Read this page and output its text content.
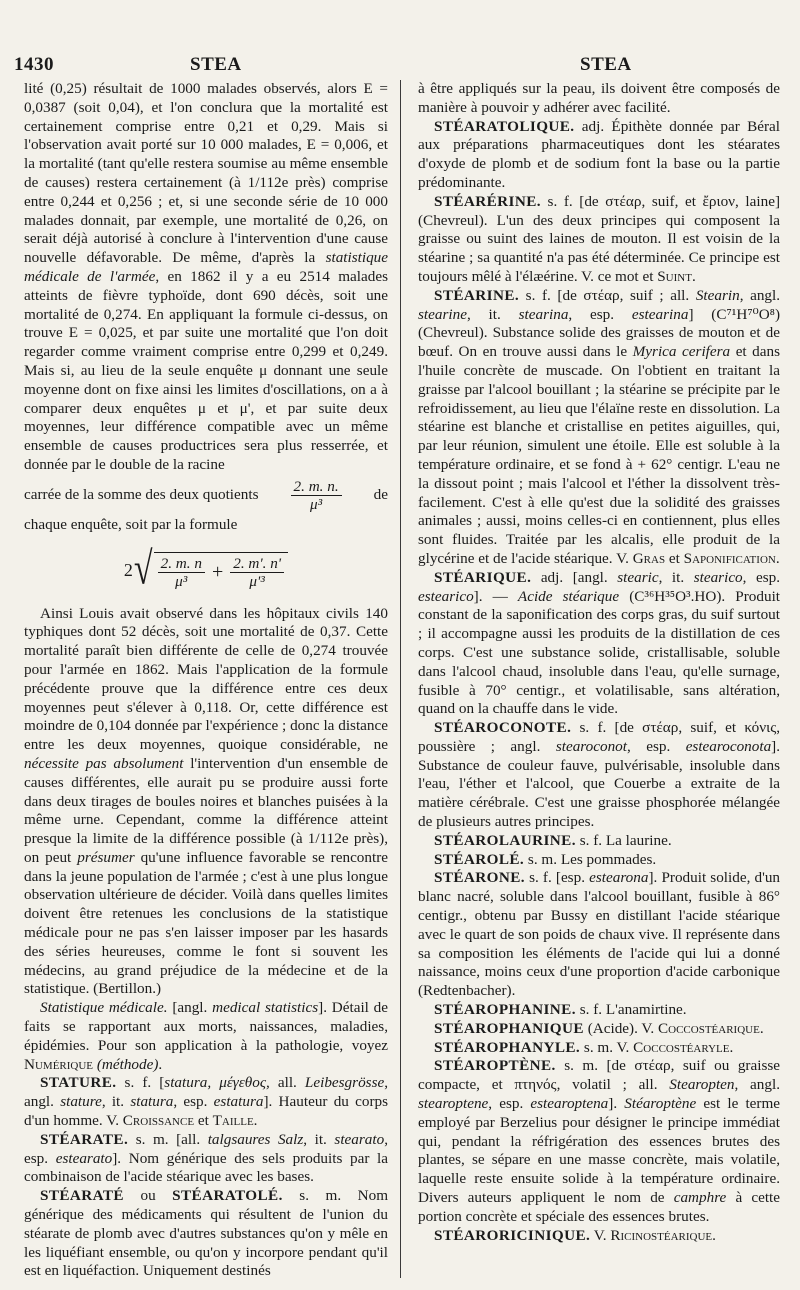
1430	STEA	STEA

lité (0,25) résultait de 1000 malades observés, alors E = 0,0387 (soit 0,04), et l'on conclura que la mortalité est certainement comprise entre 0,21 et 0,29. Mais si l'observation avait porté sur 10 000 malades, E = 0,006, et la mortalité (tant qu'elle restera soumise au même ensemble de causes) restera certainement (à 1/112e près) comprise entre 0,244 et 0,256 ; et, si une seconde série de 10 000 malades donnait, par exemple, une mortalité de 0,26, on serait déjà autorisé à conclure à l'intervention d'une cause nouvelle défavorable. De même, d'après la statistique médicale de l'armée, en 1862 il y a eu 2514 malades atteints de fièvre typhoïde, dont 690 décès, soit une mortalité de 0,274. En appliquant la formule ci-dessus, on trouve E = 0,025, et par suite une mortalité que l'on doit regarder comme vraiment comprise entre 0,299 et 0,249. Mais si, au lieu de la seule enquête μ donnant une seule moyenne dont on fixe ainsi les limites d'oscillations, on a à comparer deux enquêtes μ et μ', et par suite deux moyennes, leur différence compatible avec un même ensemble de causes productrices sera plus resserrée, et donnée par le double de la racine

carrée de la somme des deux quotients $\frac{2. m. n.}{\text{μ³}}$ de

chaque enquête, soit par la formule

2 √ $\frac{2. m. n}{\text{μ³}} + \frac{2. m'. n'}{\text{μ'³}}$

Ainsi Louis avait observé dans les hôpitaux civils 140 typhiques dont 52 décès, soit une mortalité de 0,37. Cette mortalité paraît bien différente de celle de 0,274 trouvée pour l'armée en 1862. Mais l'application de la formule précédente prouve que la différence entre ces deux moyennes peut s'élever à 0,118. Or, cette différence est moindre de 0,104 donnée par l'expérience ; donc la distance entre les deux moyennes, quoique considérable, ne nécessite pas absolument l'intervention d'un ensemble de causes différentes, elle aurait pu se produire aussi forte dans deux tirages de boules noires et blanches puisées à la même urne. Cependant, comme la différence atteint presque la limite de la différence possible (à 1/112e près), on peut présumer qu'une influence favorable se rencontre dans la jeune population de l'armée ; c'est à une plus longue observation ultérieure de décider. Voilà dans quelles limites doivent être retenues les conclusions de la statistique médicale pour ne pas s'en laisser imposer par les hasards des séries heureuses, comme le font si souvent les médecins, au grand préjudice de la médecine et de la statistique. (Bertillon.)

Statistique médicale. [angl. medical statistics]. Détail de faits se rapportant aux morts, naissances, maladies, épidémies. Pour son application à la pathologie, voyez Numérique (méthode).

STATURE. s. f. [statura, μέγεθος, all. Leibesgrösse, angl. stature, it. statura, esp. estatura]. Hauteur du corps d'un homme. V. Croissance et Taille.

STÉARATE. s. m. [all. talgsaures Salz, it. stearato, esp. estearato]. Nom générique des sels produits par la combinaison de l'acide stéarique avec les bases.

STÉARATÉ ou STÉARATOLÉ. s. m. Nom générique des médicaments qui résultent de l'union du stéarate de plomb avec d'autres substances qu'on y mêle en les liquéfiant ensemble, ou qu'on y incorpore pendant qu'il est en liquéfaction. Uniquement destinés

à être appliqués sur la peau, ils doivent être composés de manière à pouvoir y adhérer avec facilité.

STÉARATOLIQUE. adj. Épithète donnée par Béral aux préparations pharmaceutiques dont les stéarates d'oxyde de plomb et de sodium font la base ou la partie prédominante.

STÉARÉRINE. s. f. [de στέαρ, suif, et ἔριον, laine] (Chevreul). L'un des deux principes qui composent la graisse ou suint des laines de mouton. Il est voisin de la stéarine ; sa quantité n'a pas été déterminée. Ce principe est toujours mêlé à l'élæérine. V. ce mot et Suint.

STÉARINE. s. f. [de στέαρ, suif ; all. Stearin, angl. stearine, it. stearina, esp. estearina] (C⁷¹H⁷⁰O⁸) (Chevreul). Substance solide des graisses de mouton et de bœuf. On en trouve aussi dans le Myrica cerifera et dans l'huile concrète de muscade. On l'obtient en traitant la graisse par l'alcool bouillant ; la stéarine se précipite par le refroidissement, au lieu que l'élaïne reste en dissolution. La stéarine est blanche et cristallise en petites aiguilles, qui, par leur réunion, simulent une étoile. Elle est soluble à la température ordinaire, et se fond à + 62° centigr. L'eau ne la dissout point ; mais l'alcool et l'éther la dissolvent très-facilement. C'est à elle qu'est due la solidité des graisses animales ; aussi, moins celles-ci en contiennent, plus elles sont fluides. Traitée par les alcalis, elle produit de la glycérine et de l'acide stéarique. V. Gras et Saponification.

STÉARIQUE. adj. [angl. stearic, it. stearico, esp. estearico]. — Acide stéarique (C³⁶H³⁵O³.HO). Produit constant de la saponification des corps gras, du suif surtout ; il accompagne aussi les produits de la distillation de ces corps. C'est une substance solide, cristallisable, soluble dans l'alcool chaud, insoluble dans l'eau, qu'elle surnage, fusible à 70° centigr., et volatilisable, sans altération, quand on la chauffe dans le vide.

STÉAROCONOTE. s. f. [de στέαρ, suif, et κόνις, poussière ; angl. stearoconot, esp. estearoconota]. Substance de couleur fauve, pulvérisable, insoluble dans l'eau, l'éther et l'alcool, que Couerbe a extraite de la matière cérébrale. C'est une graisse phosphorée mélangée de plusieurs autres principes.

STÉAROLAURINE. s. f. La laurine.

STÉAROLÉ. s. m. Les pommades.

STÉARONE. s. f. [esp. estearona]. Produit solide, d'un blanc nacré, soluble dans l'alcool bouillant, fusible à 86° centigr., obtenu par Bussy en distillant l'acide stéarique avec le quart de son poids de chaux vive. Il représente dans sa composition les éléments de l'acide qui lui a donné naissance, moins ceux d'une proportion d'acide carbonique (Redtenbacher).

STÉAROPHANINE. s. f. L'anamirtine.

STÉAROPHANIQUE (Acide). V. Coccostéarique.

STÉAROPHANYLE. s. m. V. Coccostéaryle.

STÉAROPTÈNE. s. m. [de στέαρ, suif ou graisse compacte, et πτηνός, volatil ; all. Stearopten, angl. stearoptene, esp. estearoptena]. Stéaroptène est le terme employé par Berzelius pour désigner le principe immédiat qui, pendant la réfrigération des essences brutes des plantes, se sépare en une masse concrète, mais volatile, laquelle reste ensuite solide à la température ordinaire. Divers auteurs appliquent le nom de camphre à cette portion concrète et spéciale des essences brutes.

STÉARORICINIQUE. V. Ricinostéarique.
